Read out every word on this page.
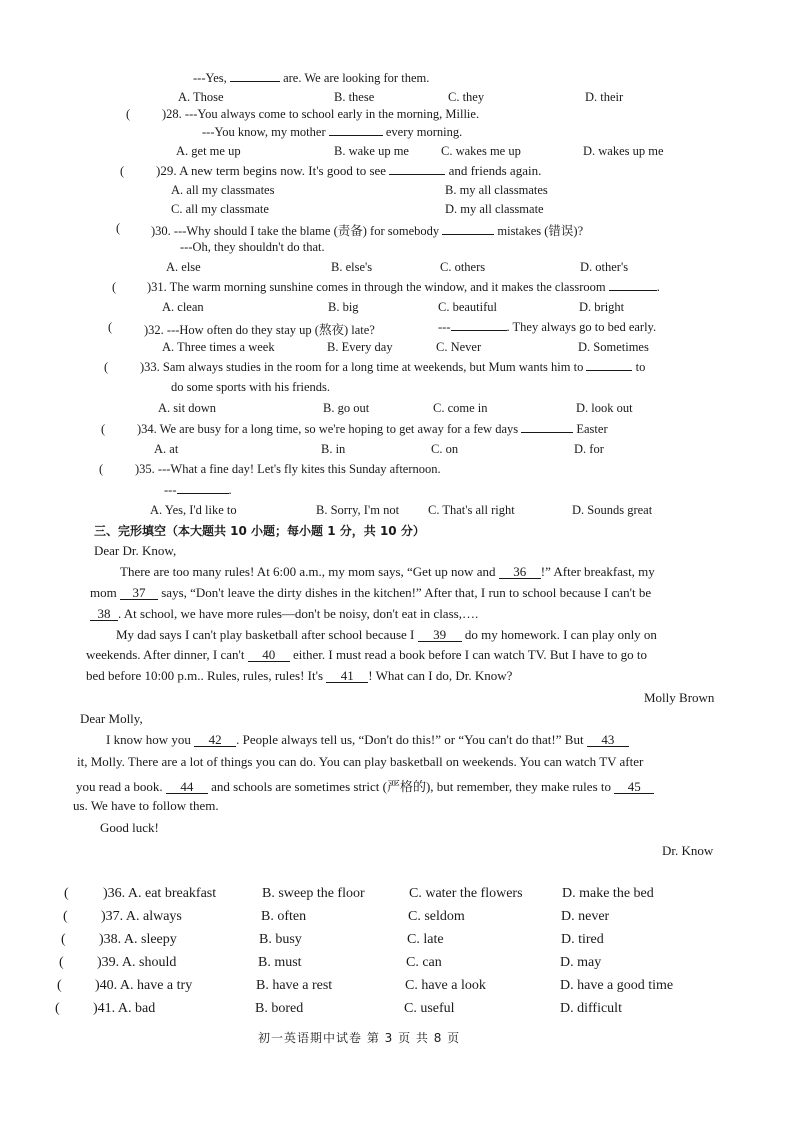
---Yes,	are. We are looking for them.
A. Those	B. these	C. they	D. their
(	)28. ---You always come to school early in the morning, Millie.
---You know, my mother	every morning.
A. get me up	B. wake up me	C. wakes me up	D. wakes up me
( )29. A new term begins now. It's good to see	and friends again.
A. all my classmates	B. my all classmates
C. all my classmate	D. my all classmate
( )30. ---Why should I take the blame (责备) for somebody	mistakes (错误)?
---Oh, they shouldn't do that.
A. else	B. else's	C. others	D. other's
( )31. The warm morning sunshine comes in through the window, and it makes the classroom	.
A. clean	B. big	C. beautiful	D. bright
(	)32. ---How often do they stay up (熬夜) late?	---	. They always go to bed early.
A. Three times a week	B. Every day	C. Never	D. Sometimes
(	)33. Sam always studies in the room for a long time at weekends, but Mum wants him to	to
do some sports with his friends.
A. sit down	B. go out	C. come in	D. look out
(	)34. We are busy for a long time, so we're hoping to get away for a few days	Easter
A. at	B. in	C. on	D. for
(	)35. ---What a fine day! Let's fly kites this Sunday afternoon.
---	.
A. Yes, I'd like to	B. Sorry, I'm not C. That's all right	D. Sounds great
三、完形填空（本大题共 10 小题；每小题 1 分，共 10 分）
Dear Dr. Know,
There are too many rules! At 6:00 a.m., my mom says, “Get up now and 36 !” After breakfast, my
mom 37 says, “Don't leave the dirty dishes in the kitchen!” After that, I run to school because I can't be
38 . At school, we have more rules—don't be noisy, don't eat in class,….
My dad says I can't play basketball after school because I 39 do my homework. I can play only on
weekends. After dinner, I can't 40 either. I must read a book before I can watch TV. But I have to go to
bed before 10:00 p.m.. Rules, rules, rules! It's 41 ! What can I do, Dr. Know?
Molly Brown
Dear Molly,
I know how you 42 . People always tell us, “Don't do this!” or “You can't do that!” But 43
it, Molly. There are a lot of things you can do. You can play basketball on weekends. You can watch TV after
you read a book. 44 and schools are sometimes strict (严格的), but remember, they make rules to 45
us. We have to follow them.
Good luck!
Dr. Know
( )36. A. eat breakfast	B. sweep the floor	C. water the flowers	D. make the bed
( )37. A. always	B. often	C. seldom	D. never
( )38. A. sleepy	B. busy	C. late	D. tired
( )39. A. should	B. must	C. can	D. may
( )40. A. have a try	B. have a rest	C. have a look	D. have a good time
( )41. A. bad	B. bored	C. useful	D. difficult
初一英语期中试卷 第 3 页 共 8 页
